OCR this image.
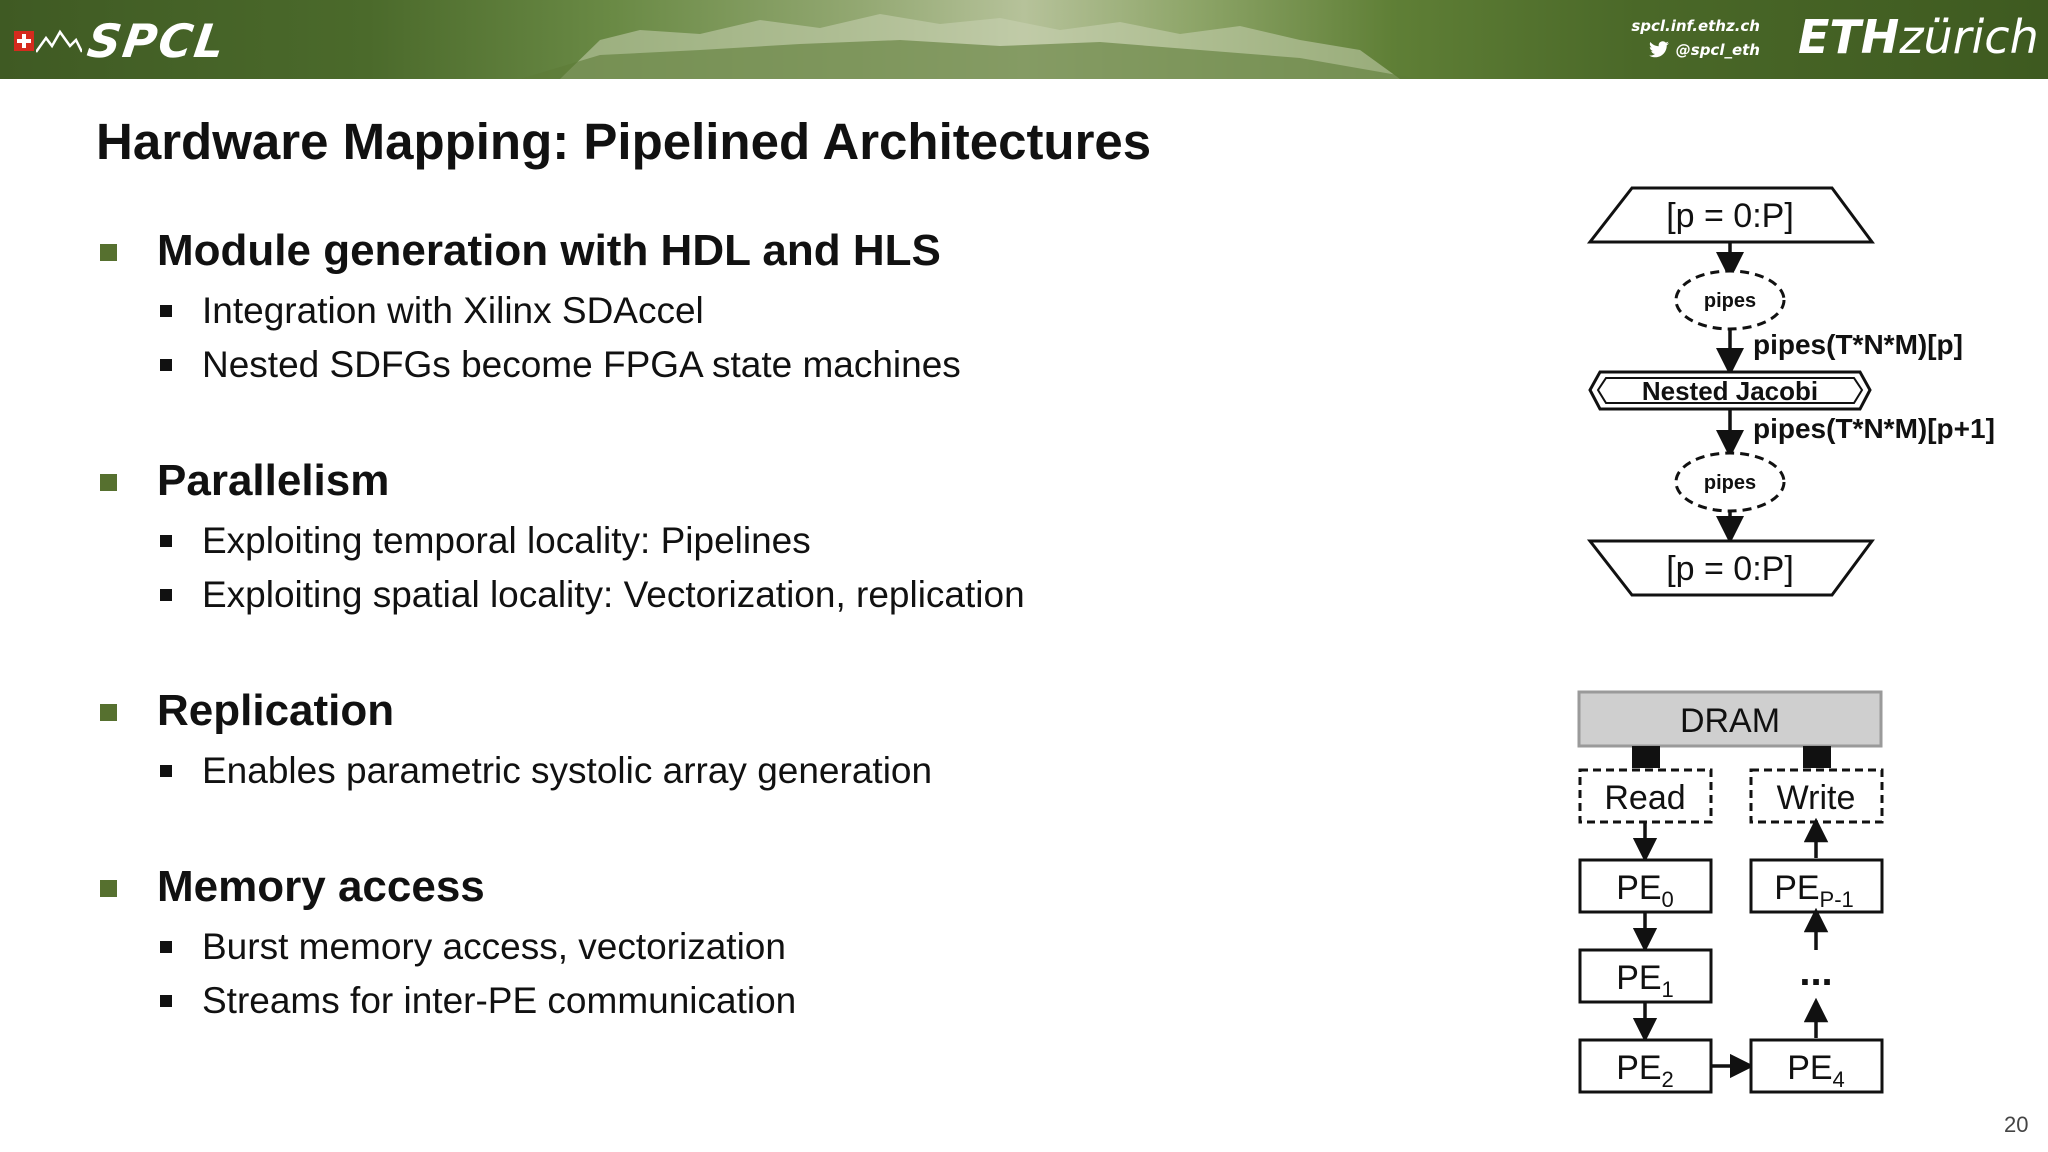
SPCL	spcl.inf.ethz.ch
@spcl_eth ETHzürich
Hardware Mapping: Pipelined Architectures
Module generation with HDL and HLS
Integration with Xilinx SDAccel
Nested SDFGs become FPGA state machines
Parallelism
Exploiting temporal locality: Pipelines
Exploiting spatial locality: Vectorization, replication
Replication
Enables parametric systolic array generation
Memory access
Burst memory access, vectorization
Streams for inter-PE communication
[p = 0:P]
pipes
pipes(T*N*M)[p]
Nested Jacobi
pipes(T*N*M)[p+1]
pipes
[p = 0:P]
DRAM
Read	Write
$PE_0$	$PE_{P-1}$
$PE_1$	...
$PE_2$	$PE_4$
20
